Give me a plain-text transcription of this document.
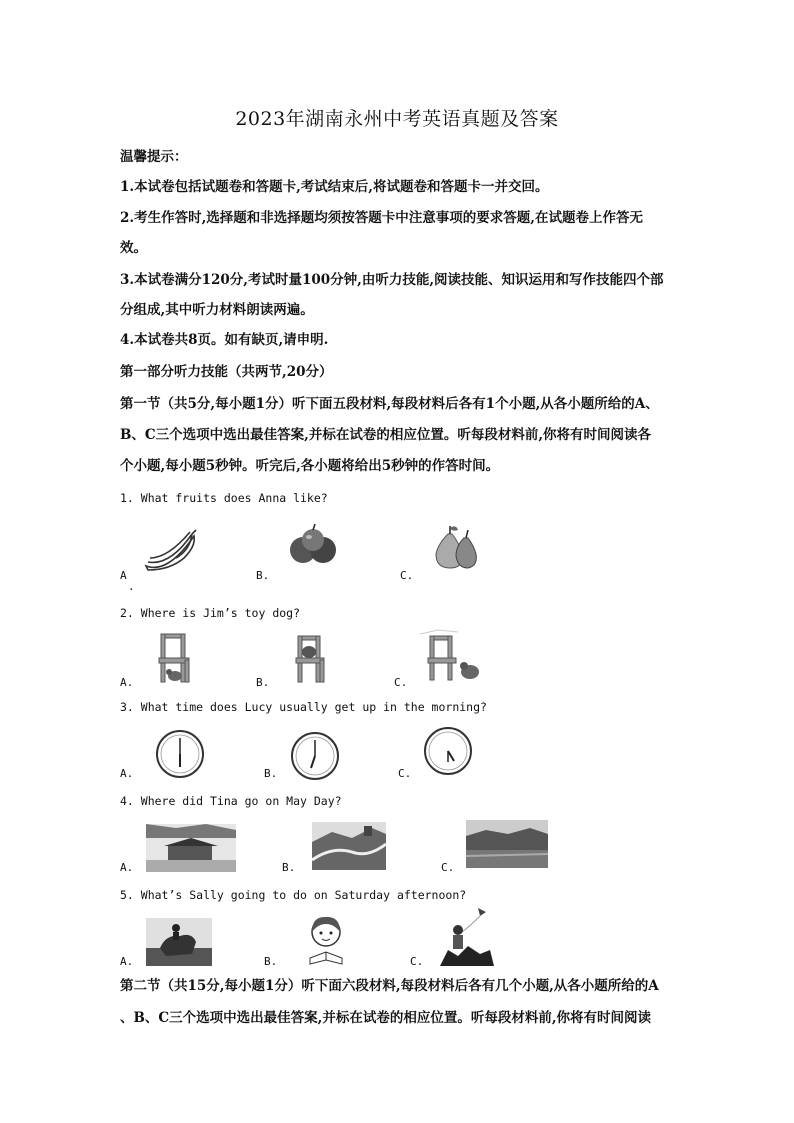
2023年湖南永州中考英语真题及答案
温馨提示：
1.本试卷包括试题卷和答题卡,考试结束后,将试题卷和答题卡一并交回。
2.考生作答时,选择题和非选择题均须按答题卡中注意事项的要求答题,在试题卷上作答无
效。
3.本试卷满分120分,考试时量100分钟,由听力技能,阅读技能、知识运用和写作技能四个部
分组成,其中听力材料朗读两遍。
4.本试卷共8页。如有缺页,请申明.
第一部分听力技能（共两节,20分）
第一节（共5分,每小题1分）听下面五段材料,每段材料后各有1个小题,从各小题所给的A、
B、C三个选项中选出最佳答案,并标在试卷的相应位置。听每段材料前,你将有时间阅读各
个小题,每小题5秒钟。听完后,各小题将给出5秒钟的作答时间。
1. What fruits does Anna like?
A
.
B.	C.
2. Where is Jim’s toy dog?
A.	B.	C.
3. What time does Lucy usually get up in the morning?
A.	B.	C.
4. Where did Tina go on May Day?
A.	B.	C.
5. What’s Sally going to do on Saturday afternoon?
A.	B.	C.
第二节（共15分,每小题1分）听下面六段材料,每段材料后各有几个小题,从各小题所给的A
、B、C三个选项中选出最佳答案,并标在试卷的相应位置。听每段材料前,你将有时间阅读
